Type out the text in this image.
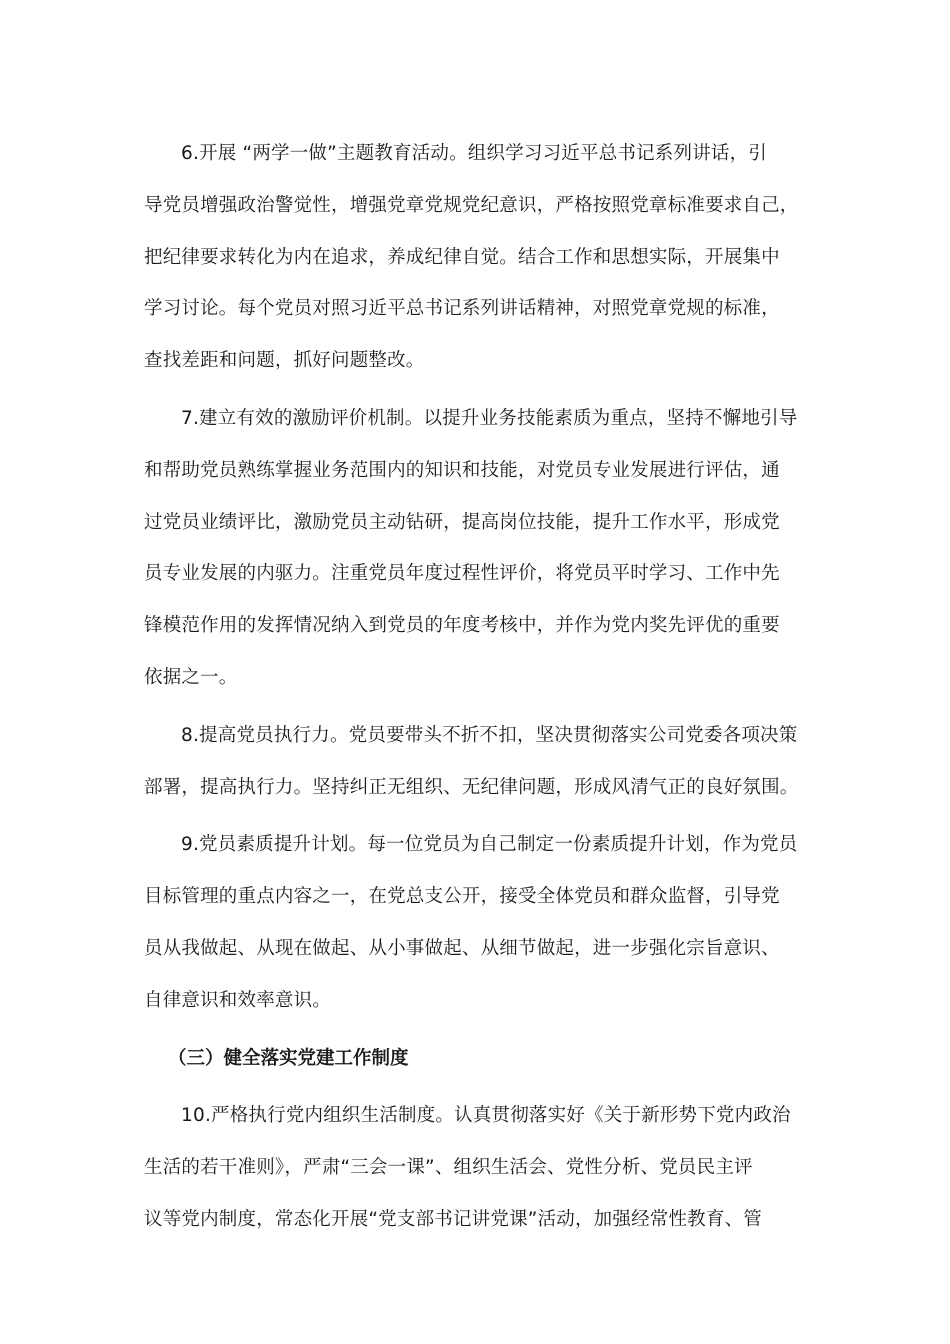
6.开展 “两学一做”主题教育活动。组织学习习近平总书记系列讲话，引
导党员增强政治警觉性，增强党章党规党纪意识，严格按照党章标准要求自己，
把纪律要求转化为内在追求，养成纪律自觉。结合工作和思想实际，开展集中
学习讨论。每个党员对照习近平总书记系列讲话精神，对照党章党规的标准，
查找差距和问题，抓好问题整改。

7.建立有效的激励评价机制。以提升业务技能素质为重点，坚持不懈地引导
和帮助党员熟练掌握业务范围内的知识和技能，对党员专业发展进行评估，通
过党员业绩评比，激励党员主动钻研，提高岗位技能，提升工作水平，形成党
员专业发展的内驱力。注重党员年度过程性评价，将党员平时学习、工作中先
锋模范作用的发挥情况纳入到党员的年度考核中，并作为党内奖先评优的重要
依据之一。

8.提高党员执行力。党员要带头不折不扣，坚决贯彻落实公司党委各项决策
部署，提高执行力。坚持纠正无组织、无纪律问题，形成风清气正的良好氛围。

9.党员素质提升计划。每一位党员为自己制定一份素质提升计划，作为党员
目标管理的重点内容之一，在党总支公开，接受全体党员和群众监督，引导党
员从我做起、从现在做起、从小事做起、从细节做起，进一步强化宗旨意识、
自律意识和效率意识。

（三）健全落实党建工作制度

10.严格执行党内组织生活制度。认真贯彻落实好《关于新形势下党内政治
生活的若干准则》，严肃“三会一课”、组织生活会、党性分析、党员民主评
议等党内制度，常态化开展“党支部书记讲党课”活动，加强经常性教育、管
